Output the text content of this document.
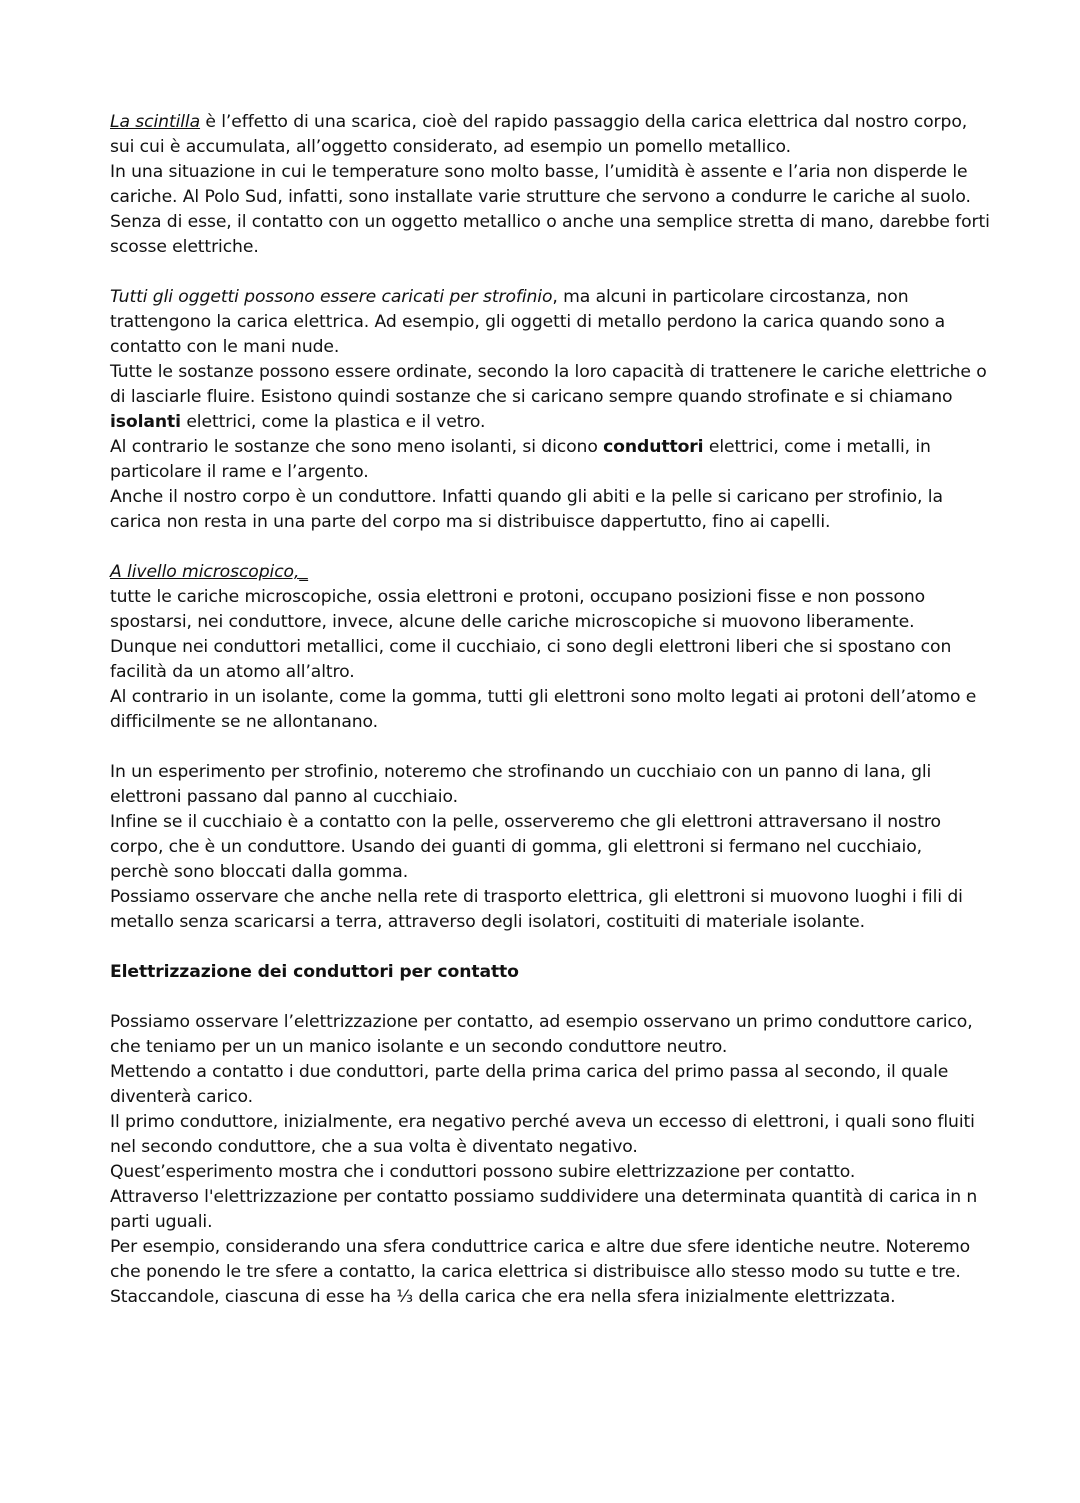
La scintilla è l’effetto di una scarica, cioè del rapido passaggio della carica elettrica dal nostro corpo,
sui cui è accumulata, all’oggetto considerato, ad esempio un pomello metallico.
In una situazione in cui le temperature sono molto basse, l’umidità è assente e l’aria non disperde le
cariche. Al Polo Sud, infatti, sono installate varie strutture che servono a condurre le cariche al suolo.
Senza di esse, il contatto con un oggetto metallico o anche una semplice stretta di mano, darebbe forti
scosse elettriche.
Tutti gli oggetti possono essere caricati per strofinio, ma alcuni in particolare circostanza, non
trattengono la carica elettrica. Ad esempio, gli oggetti di metallo perdono la carica quando sono a
contatto con le mani nude.
Tutte le sostanze possono essere ordinate, secondo la loro capacità di trattenere le cariche elettriche o
di lasciarle fluire. Esistono quindi sostanze che si caricano sempre quando strofinate e si chiamano
isolanti elettrici, come la plastica e il vetro.
Al contrario le sostanze che sono meno isolanti, si dicono conduttori elettrici, come i metalli, in
particolare il rame e l’argento.
Anche il nostro corpo è un conduttore. Infatti quando gli abiti e la pelle si caricano per strofinio, la
carica non resta in una parte del corpo ma si distribuisce dappertutto, fino ai capelli.
A livello microscopico,_
tutte le cariche microscopiche, ossia elettroni e protoni, occupano posizioni fisse e non possono
spostarsi, nei conduttore, invece, alcune delle cariche microscopiche si muovono liberamente.
Dunque nei conduttori metallici, come il cucchiaio, ci sono degli elettroni liberi che si spostano con
facilità da un atomo all’altro.
Al contrario in un isolante, come la gomma, tutti gli elettroni sono molto legati ai protoni dell’atomo e
difficilmente se ne allontanano.
In un esperimento per strofinio, noteremo che strofinando un cucchiaio con un panno di lana, gli
elettroni passano dal panno al cucchiaio.
Infine se il cucchiaio è a contatto con la pelle, osserveremo che gli elettroni attraversano il nostro
corpo, che è un conduttore. Usando dei guanti di gomma, gli elettroni si fermano nel cucchiaio,
perchè sono bloccati dalla gomma.
Possiamo osservare che anche nella rete di trasporto elettrica, gli elettroni si muovono luoghi i fili di
metallo senza scaricarsi a terra, attraverso degli isolatori, costituiti di materiale isolante.
Elettrizzazione dei conduttori per contatto
Possiamo osservare l’elettrizzazione per contatto, ad esempio osservano un primo conduttore carico,
che teniamo per un un manico isolante e un secondo conduttore neutro.
Mettendo a contatto i due conduttori, parte della prima carica del primo passa al secondo, il quale
diventerà carico.
Il primo conduttore, inizialmente, era negativo perché aveva un eccesso di elettroni, i quali sono fluiti
nel secondo conduttore, che a sua volta è diventato negativo.
Quest’esperimento mostra che i conduttori possono subire elettrizzazione per contatto.
Attraverso l'elettrizzazione per contatto possiamo suddividere una determinata quantità di carica in n
parti uguali.
Per esempio, considerando una sfera conduttrice carica e altre due sfere identiche neutre. Noteremo
che ponendo le tre sfere a contatto, la carica elettrica si distribuisce allo stesso modo su tutte e tre.
Staccandole, ciascuna di esse ha ⅓ della carica che era nella sfera inizialmente elettrizzata.
